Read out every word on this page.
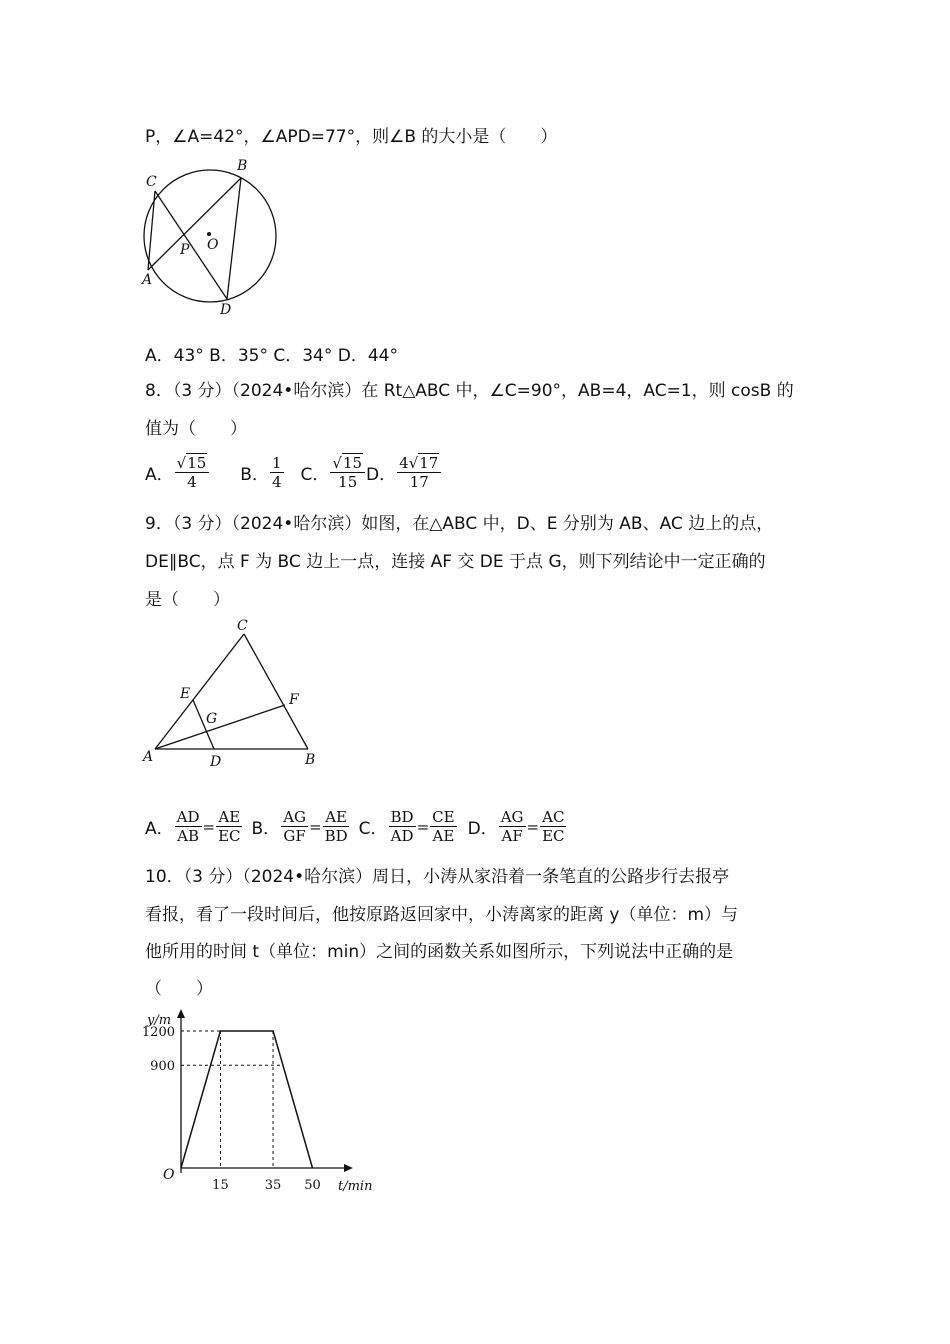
P，∠A=42°，∠APD=77°，则∠B 的大小是（　　）
C
B
P O
A
D
A．43° B．35° C．34° D．44°
8．（3 分）（2024•哈尔滨）在 Rt△ABC 中，∠C=90°，AB=4，AC=1，则 cosB 的
值为（　　）
A． $\frac{√15}{4}$ B． $\frac{1}{4}$ C． $\frac{√15}{15}$ D． $\frac{4√17}{17}$
9．（3 分）（2024•哈尔滨）如图，在△ABC 中，D、E 分别为 AB、AC 边上的点，
DE∥BC，点 F 为 BC 边上一点，连接 AF 交 DE 于点 G，则下列结论中一定正确的
是（　　）
C
E	F
G
A	D	B
A． $\frac{AD}{AB} = \frac{AE}{EC}$ B． $\frac{AG}{GF} = \frac{AE}{BD}$ C． $\frac{BD}{AD} = \frac{CE}{AE}$ D． $\frac{AG}{AF} = \frac{AC}{EC}$
10．（3 分）（2024•哈尔滨）周日，小涛从家沿着一条笔直的公路步行去报亭
看报，看了一段时间后，他按原路返回家中，小涛离家的距离 y（单位：m）与
他所用的时间 t（单位：min）之间的函数关系如图所示，下列说法中正确的是
（　　）
15	35 50
1200
900
y/m
t/min
O
